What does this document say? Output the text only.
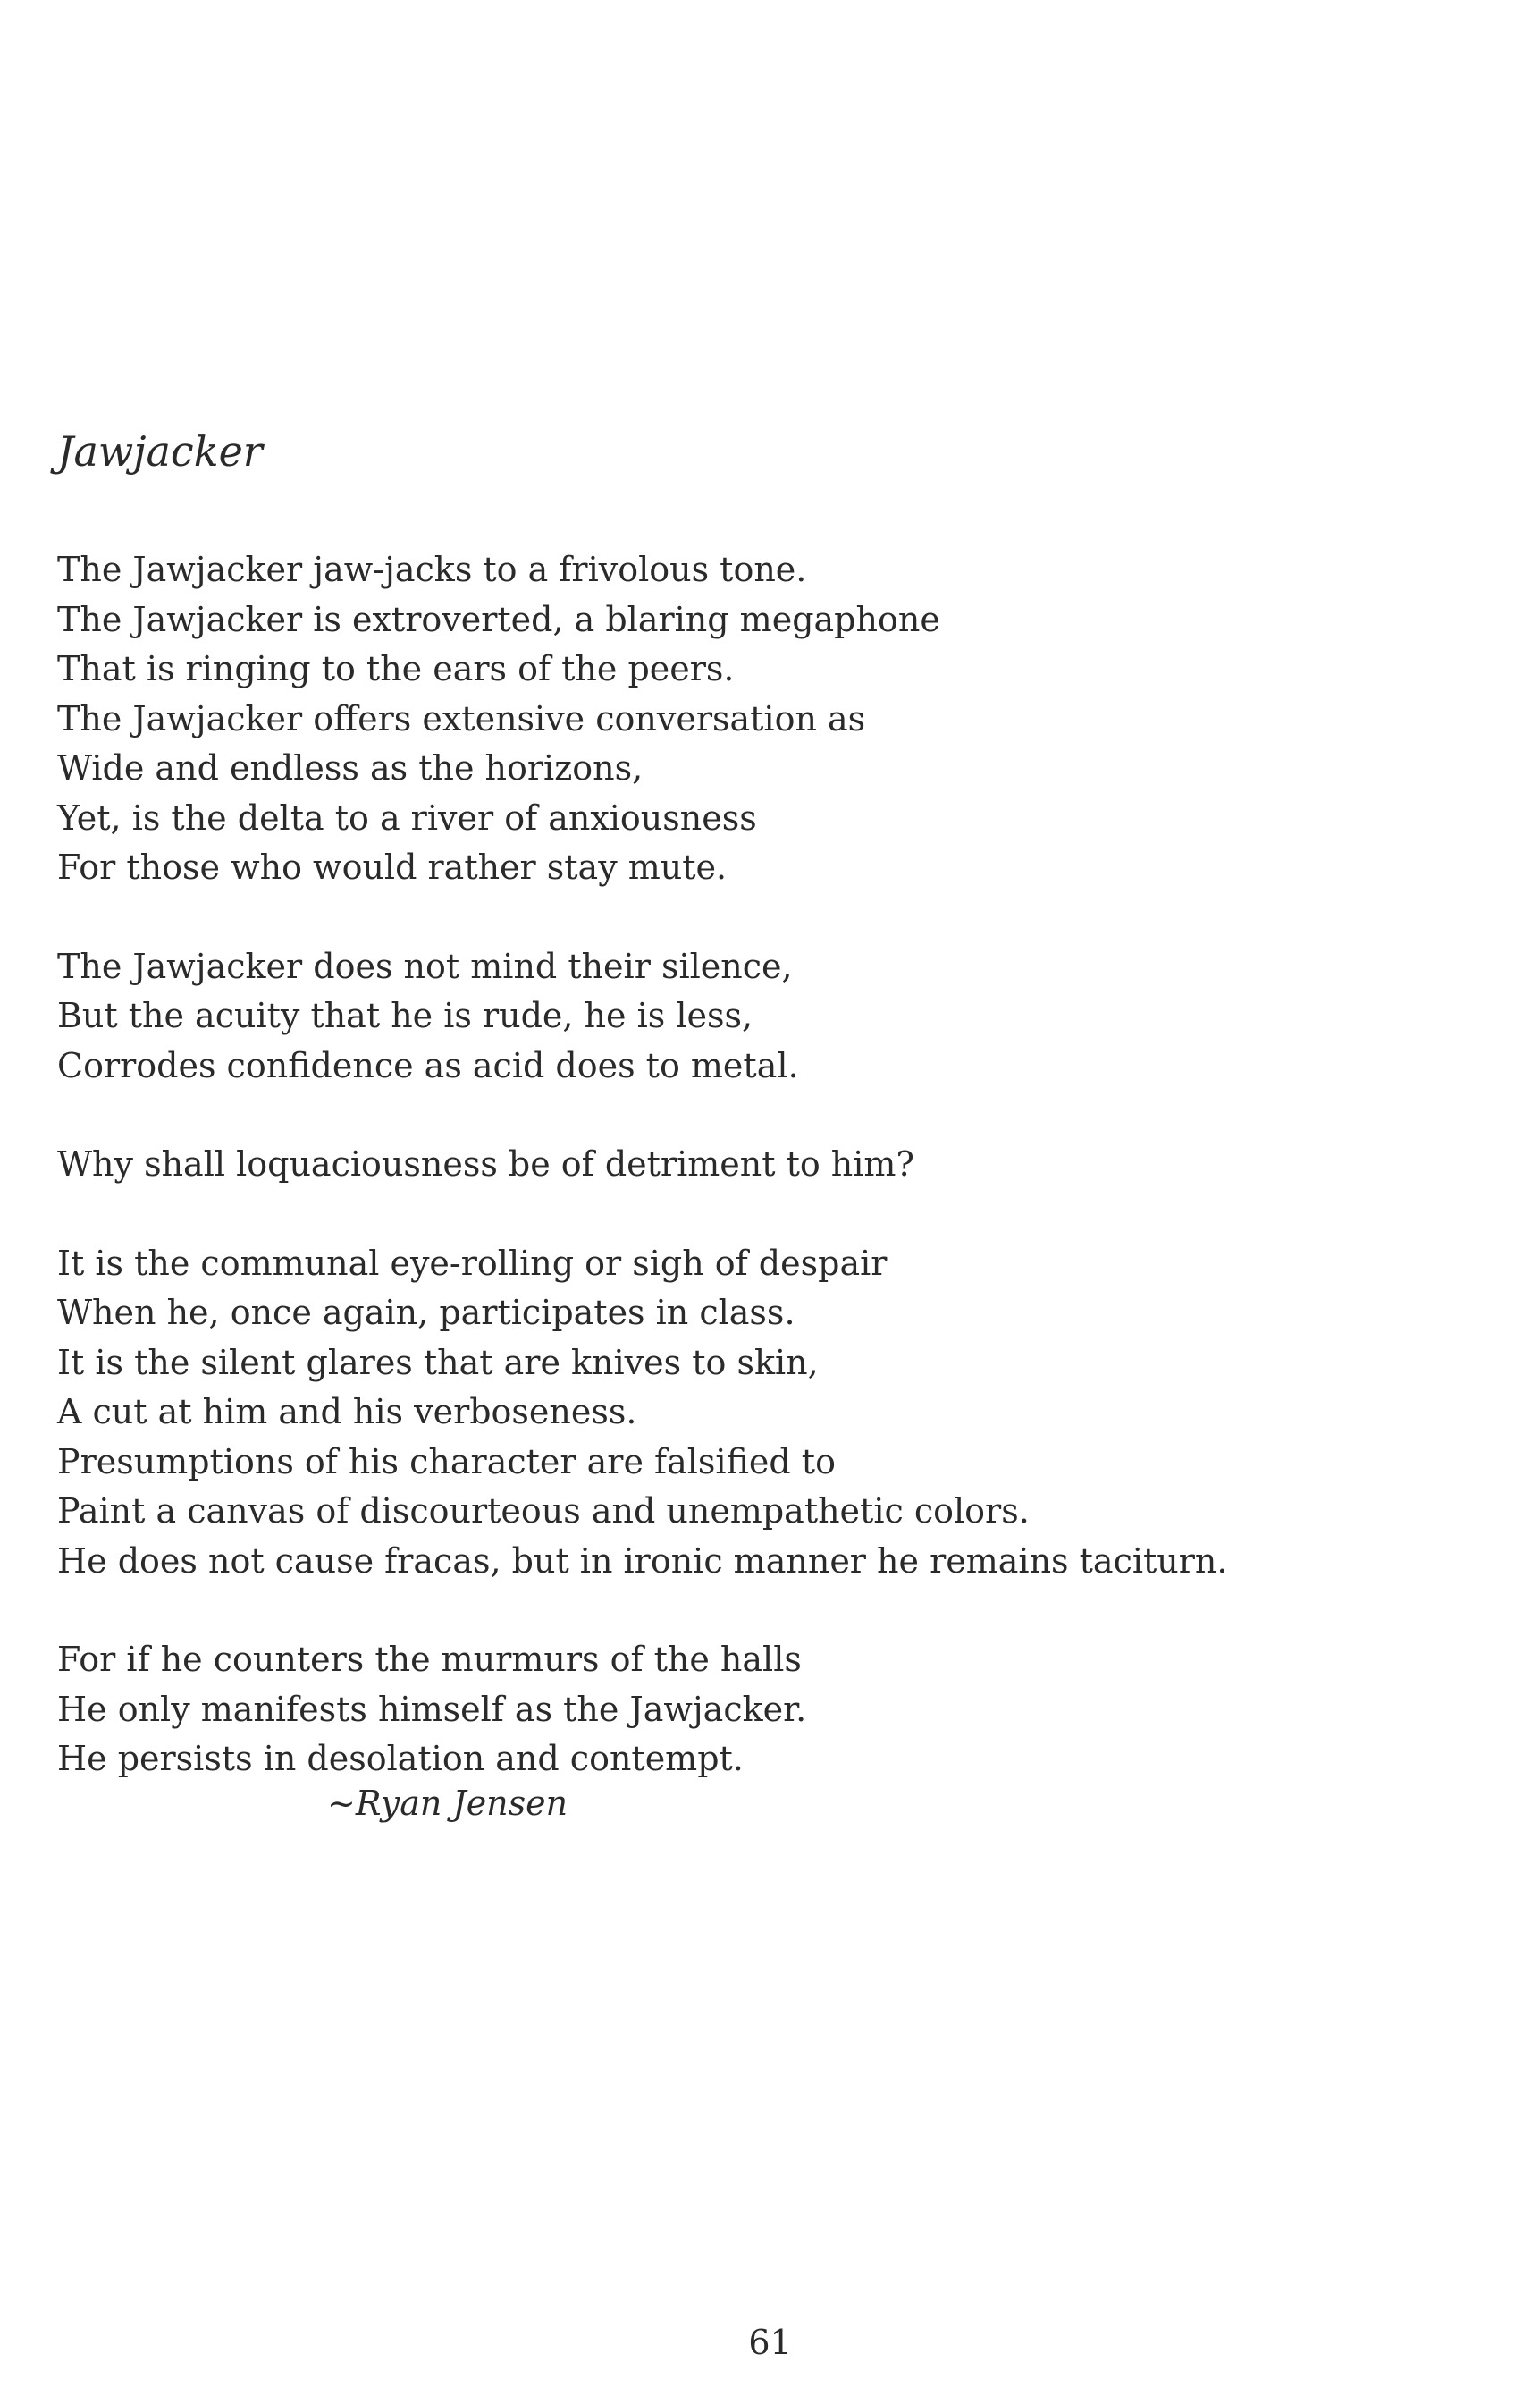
Jawjacker
The Jawjacker jaw-jacks to a frivolous tone.
The Jawjacker is extroverted, a blaring megaphone
That is ringing to the ears of the peers.
The Jawjacker offers extensive conversation as
Wide and endless as the horizons,
Yet, is the delta to a river of anxiousness
For those who would rather stay mute.
The Jawjacker does not mind their silence,
But the acuity that he is rude, he is less,
Corrodes confidence as acid does to metal.
Why shall loquaciousness be of detriment to him?
It is the communal eye-rolling or sigh of despair
When he, once again, participates in class.
It is the silent glares that are knives to skin,
A cut at him and his verboseness.
Presumptions of his character are falsified to
Paint a canvas of discourteous and unempathetic colors.
He does not cause fracas, but in ironic manner he remains taciturn.
For if he counters the murmurs of the halls
He only manifests himself as the Jawjacker.
He persists in desolation and contempt.
~Ryan Jensen
61
